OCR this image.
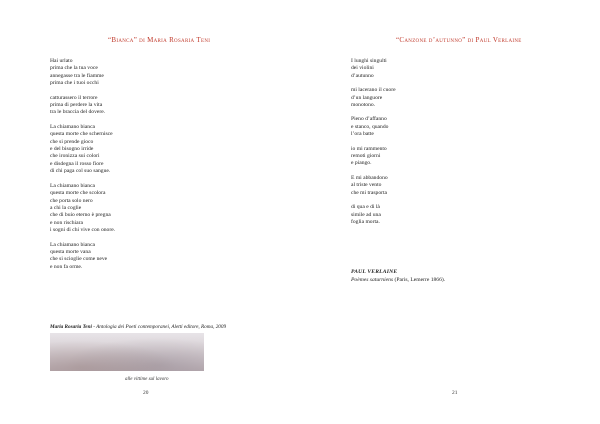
“Bianca” di Maria Rosaria Teni
Hai urlato
prima che la tua voce
annegasse tra le fiamme
prima che i tuoi occhi
catturassero il terrore
prima di perdere la vita
tra le braccia del dovere.
La chiamano bianca
questa morte che schernisce
che si prende gioco
e del bisogno irride
che ironizza sui colori
e disdegna il rosso fiore
di chi paga col suo sangue.
La chiamano bianca
questa morte che scolora
che porta solo nero
a chi la coglie
che di buio eterno è pregna
e non rischiara
i sogni di chi vive con onore.
La chiamano bianca
questa morte vana
che si scioglie come neve
e non fa orme.
Maria Rosaria Teni - Antologia dei Poeti contemporanei, Aletti editore, Roma, 2009
alle vittime sul lavoro
20
“Canzone d’autunno” di Paul Verlaine
I lunghi singulti
dei violini
d’autunno
mi lacerano il cuore
d’un languore
monotono.
Pieno d’affanno
e stanco, quando
l’ora batte
io mi rammento
remoti giorni
e piango.
E mi abbandono
al triste vento
che mi trasporta
di qua e di là
simile ad una
foglia morta.
PAUL VERLAINE
Poèmes saturniens (Paris, Lemerre 1866).
21
